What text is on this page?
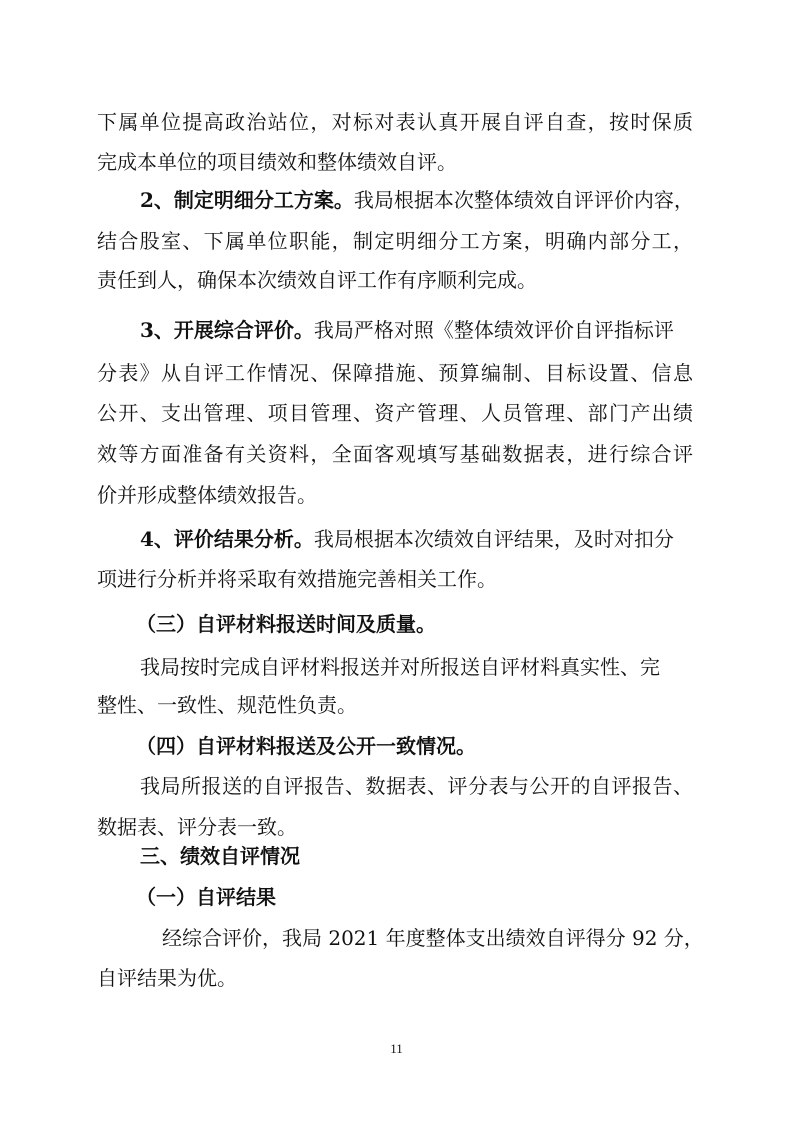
下属单位提高政治站位，对标对表认真开展自评自查，按时保质
完成本单位的项目绩效和整体绩效自评。
2、制定明细分工方案。我局根据本次整体绩效自评评价内容，
结合股室、下属单位职能，制定明细分工方案，明确内部分工，
责任到人，确保本次绩效自评工作有序顺利完成。
3、开展综合评价。我局严格对照《整体绩效评价自评指标评
分表》从自评工作情况、保障措施、预算编制、目标设置、信息
公开、支出管理、项目管理、资产管理、人员管理、部门产出绩
效等方面准备有关资料，全面客观填写基础数据表，进行综合评
价并形成整体绩效报告。
4、评价结果分析。我局根据本次绩效自评结果，及时对扣分
项进行分析并将采取有效措施完善相关工作。
（三）自评材料报送时间及质量。
我局按时完成自评材料报送并对所报送自评材料真实性、完
整性、一致性、规范性负责。
（四）自评材料报送及公开一致情况。
我局所报送的自评报告、数据表、评分表与公开的自评报告、
数据表、评分表一致。
三、绩效自评情况
（一）自评结果
经综合评价，我局 2021 年度整体支出绩效自评得分 92 分，
自评结果为优。
11
